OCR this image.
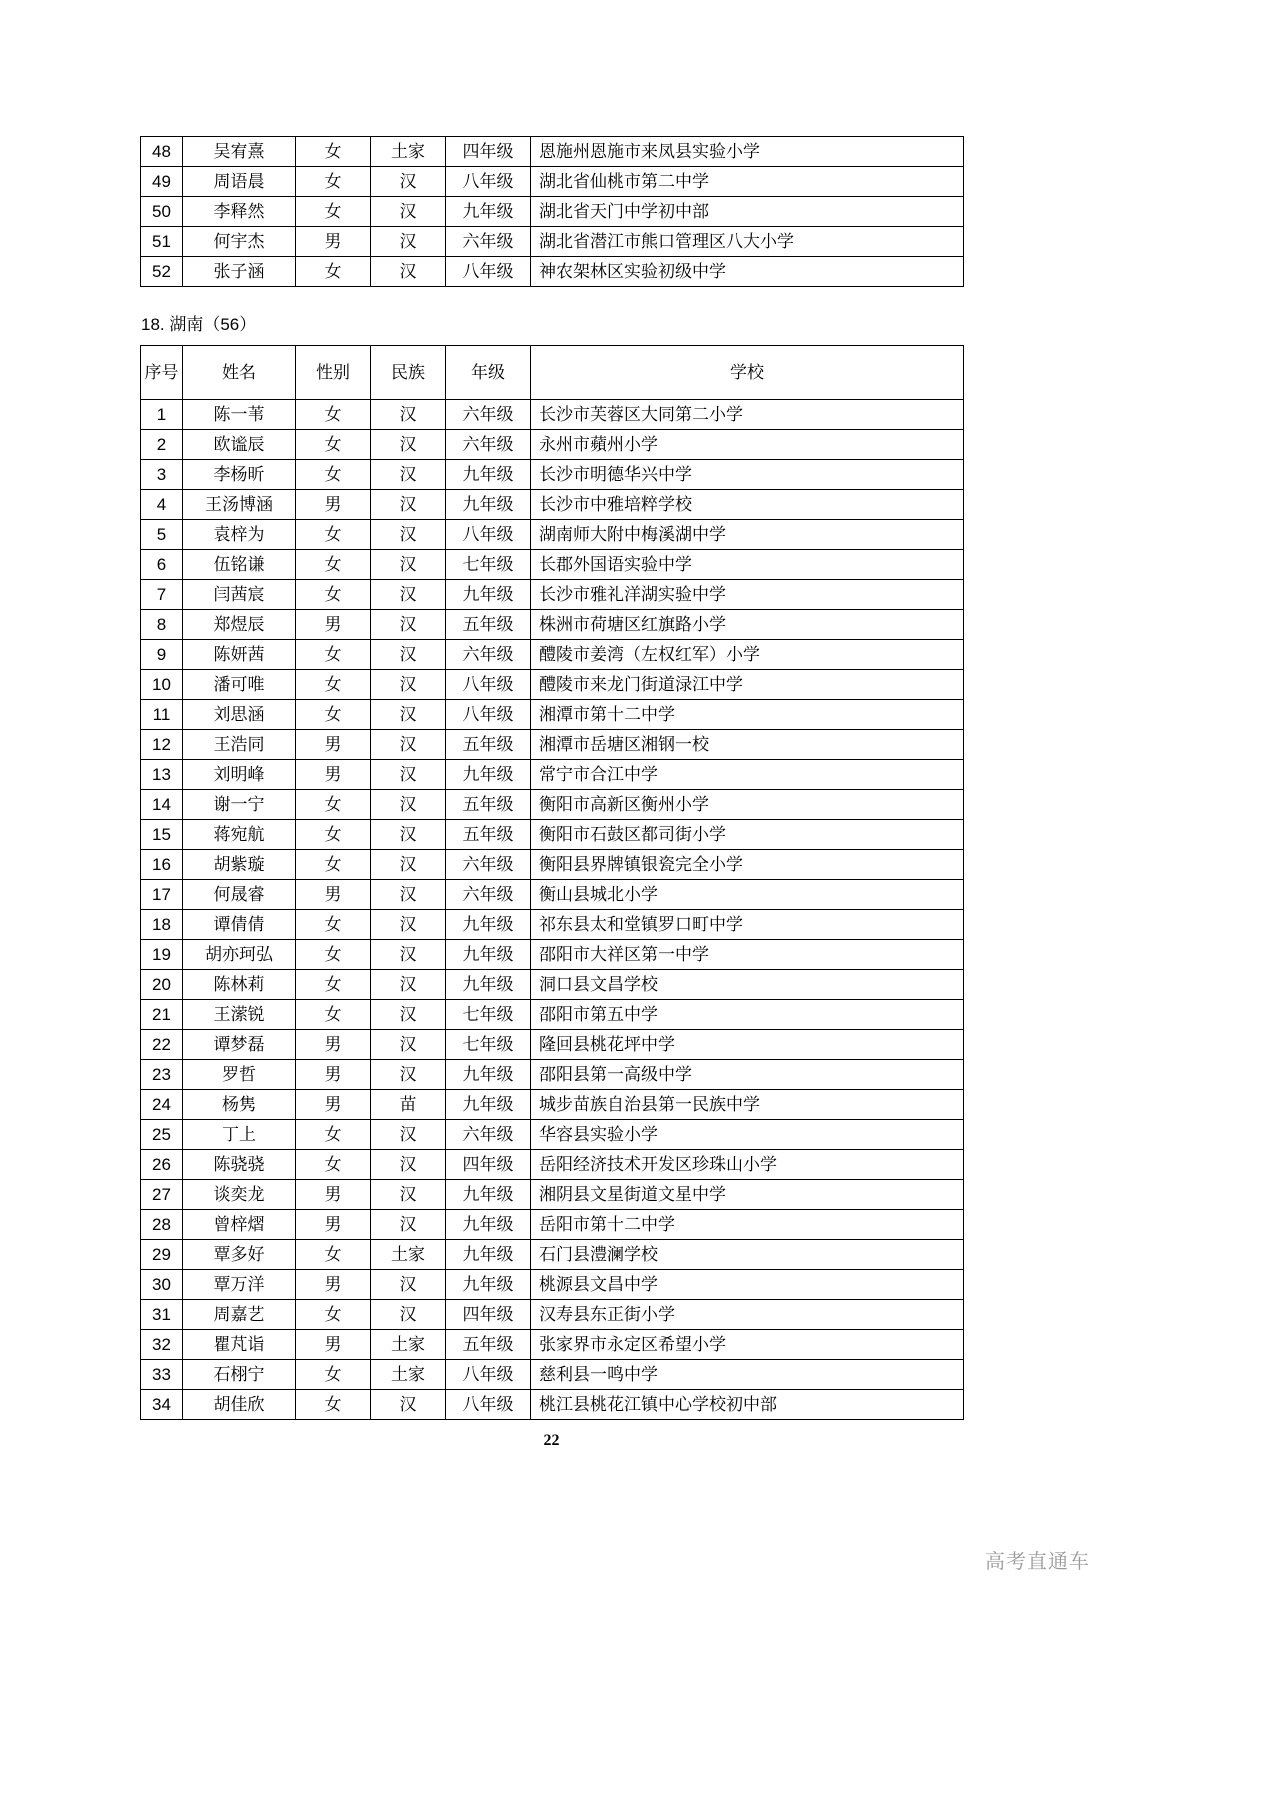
48	吴宥熹	女	土家	四年级	恩施州恩施市来凤县实验小学
49	周语晨	女	汉	八年级	湖北省仙桃市第二中学
50	李释然	女	汉	九年级	湖北省天门中学初中部
51	何宇杰	男	汉	六年级	湖北省潜江市熊口管理区八大小学
52	张子涵	女	汉	八年级	神农架林区实验初级中学
18. 湖南（56）
序号	姓名	性别	民族	年级	学校
1	陈一苇	女	汉	六年级	长沙市芙蓉区大同第二小学
2	欧谧辰	女	汉	六年级	永州市蘋州小学
3	李杨昕	女	汉	九年级	长沙市明德华兴中学
4	王汤博涵	男	汉	九年级	长沙市中雅培粹学校
5	袁梓为	女	汉	八年级	湖南师大附中梅溪湖中学
6	伍铭谦	女	汉	七年级	长郡外国语实验中学
7	闫茜宸	女	汉	九年级	长沙市雅礼洋湖实验中学
8	郑煜辰	男	汉	五年级	株洲市荷塘区红旗路小学
9	陈妍茜	女	汉	六年级	醴陵市姜湾（左权红军）小学
10	潘可唯	女	汉	八年级	醴陵市来龙门街道渌江中学
11	刘思涵	女	汉	八年级	湘潭市第十二中学
12	王浩同	男	汉	五年级	湘潭市岳塘区湘钢一校
13	刘明峰	男	汉	九年级	常宁市合江中学
14	谢一宁	女	汉	五年级	衡阳市高新区衡州小学
15	蒋宛航	女	汉	五年级	衡阳市石鼓区都司街小学
16	胡紫璇	女	汉	六年级	衡阳县界牌镇银瓷完全小学
17	何晟睿	男	汉	六年级	衡山县城北小学
18	谭倩倩	女	汉	九年级	祁东县太和堂镇罗口町中学
19	胡亦珂弘	女	汉	九年级	邵阳市大祥区第一中学
20	陈林莉	女	汉	九年级	洞口县文昌学校
21	王潆锐	女	汉	七年级	邵阳市第五中学
22	谭梦磊	男	汉	七年级	隆回县桃花坪中学
23	罗哲	男	汉	九年级	邵阳县第一高级中学
24	杨隽	男	苗	九年级	城步苗族自治县第一民族中学
25	丁上	女	汉	六年级	华容县实验小学
26	陈骁骁	女	汉	四年级	岳阳经济技术开发区珍珠山小学
27	谈奕龙	男	汉	九年级	湘阴县文星街道文星中学
28	曾梓熠	男	汉	九年级	岳阳市第十二中学
29	覃多好	女	土家	九年级	石门县澧澜学校
30	覃万洋	男	汉	九年级	桃源县文昌中学
31	周嘉艺	女	汉	四年级	汉寿县东正街小学
32	瞿芃诣	男	土家	五年级	张家界市永定区希望小学
33	石栩宁	女	土家	八年级	慈利县一鸣中学
34	胡佳欣	女	汉	八年级	桃江县桃花江镇中心学校初中部
22
高考直通车
